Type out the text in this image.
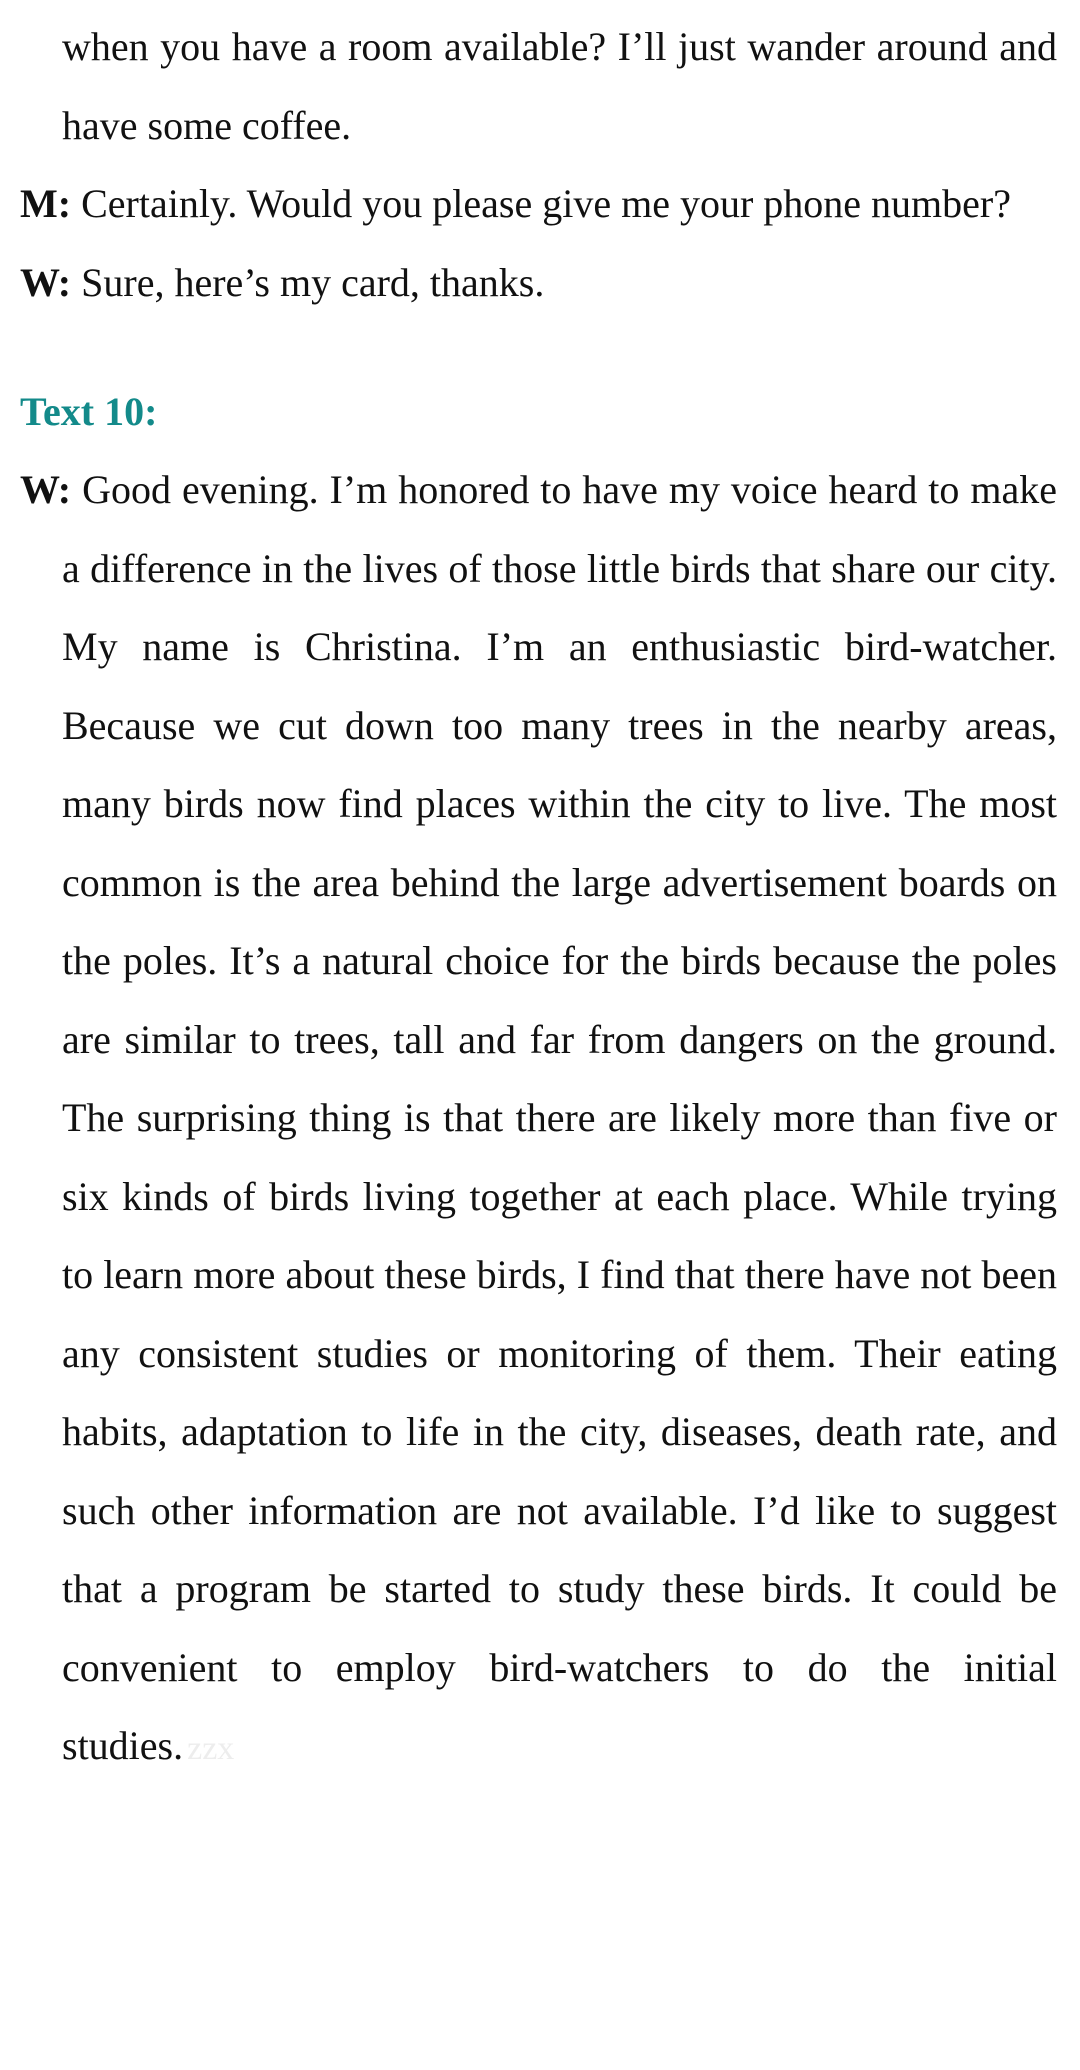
when you have a room available? I’ll just wander around and have some coffee.

M: Certainly. Would you please give me your phone number?

W: Sure, here’s my card, thanks.

Text 10:

W: Good evening. I’m honored to have my voice heard to make a difference in the lives of those little birds that share our city. My name is Christina. I’m an enthusiastic bird-watcher. Because we cut down too many trees in the nearby areas, many birds now find places within the city to live. The most common is the area behind the large advertisement boards on the poles. It’s a natural choice for the birds because the poles are similar to trees, tall and far from dangers on the ground. The surprising thing is that there are likely more than five or six kinds of birds living together at each place. While trying to learn more about these birds, I find that there have not been any consistent studies or monitoring of them. Their eating habits, adaptation to life in the city, diseases, death rate, and such other information are not available. I’d like to suggest that a program be started to study these birds. It could be convenient to employ bird-watchers to do the initial studies. zzx
